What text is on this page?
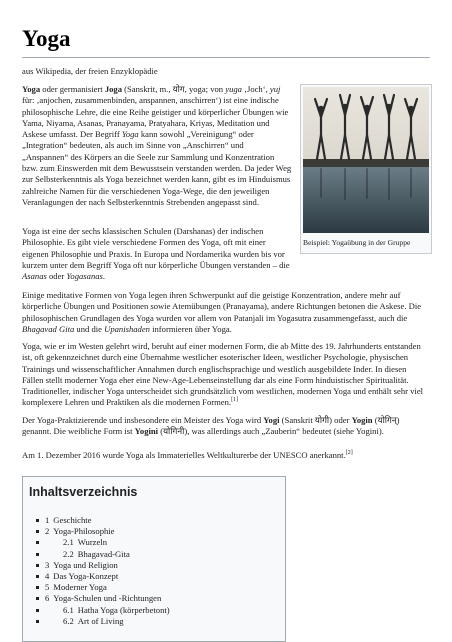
Yoga
aus Wikipedia, der freien Enzyklopädie

Yoga oder germanisiert Joga (Sanskrit, m., योग, yoga; von yuga ‚Joch‘, yuj für: ‚anjochen, zusammenbinden, anspannen, anschirren‘) ist eine indische philosophische Lehre, die eine Reihe geistiger und körperlicher Übungen wie Yama, Niyama, Asanas, Pranayama, Pratyahara, Kriyas, Meditation und Askese umfasst. Der Begriff Yoga kann sowohl „Vereinigung“ oder „Integration“ bedeuten, als auch im Sinne von „Anschirren“ und „Anspannen“ des Körpers an die Seele zur Sammlung und Konzentration bzw. zum Einswerden mit dem Bewusstsein verstanden werden. Da jeder Weg zur Selbsterkenntnis als Yoga bezeichnet werden kann, gibt es im Hinduismus zahlreiche Namen für die verschiedenen Yoga-Wege, die den jeweiligen Veranlagungen der nach Selbsterkenntnis Strebenden angepasst sind.

Yoga ist eine der sechs klassischen Schulen (Darshanas) der indischen Philosophie. Es gibt viele verschiedene Formen des Yoga, oft mit einer eigenen Philosophie und Praxis. In Europa und Nordamerika wurden bis vor kurzem unter dem Begriff Yoga oft nur körperliche Übungen verstanden – die Asanas oder Yogasanas.

Beispiel: Yogaübung in der Gruppe

Einige meditative Formen von Yoga legen ihren Schwerpunkt auf die geistige Konzentration, andere mehr auf körperliche Übungen und Positionen sowie Atemübungen (Pranayama), andere Richtungen betonen die Askese. Die philosophischen Grundlagen des Yoga wurden vor allem von Patanjali im Yogasutra zusammengefasst, auch die Bhagavad Gita und die Upanishaden informieren über Yoga.

Yoga, wie er im Westen gelehrt wird, beruht auf einer modernen Form, die ab Mitte des 19. Jahrhunderts entstanden ist, oft gekennzeichnet durch eine Übernahme westlicher esoterischer Ideen, westlicher Psychologie, physischen Trainings und wissenschaftlicher Annahmen durch englischsprachige und westlich ausgebildete Inder. In diesen Fällen stellt moderner Yoga eher eine New-Age-Lebenseinstellung dar als eine Form hinduistischer Spiritualität. Traditioneller, indischer Yoga unterscheidet sich grundsätzlich vom westlichen, modernen Yoga und enthält sehr viel komplexere Lehren und Praktiken als die modernen Formen.[1]

Der Yoga-Praktizierende und insbesondere ein Meister des Yoga wird Yogi (Sanskrit योगी) oder Yogin (योगिन्) genannt. Die weibliche Form ist Yogini (योगिनी), was allerdings auch „Zauberin“ bedeutet (siehe Yogini).

Am 1. Dezember 2016 wurde Yoga als Immaterielles Weltkulturerbe der UNESCO anerkannt.[2]

Inhaltsverzeichnis
1 Geschichte
2 Yoga-Philosophie
2.1 Wurzeln
2.2 Bhagavad-Gita
3 Yoga und Religion
4 Das Yoga-Konzept
5 Moderner Yoga
6 Yoga-Schulen und -Richtungen
6.1 Hatha Yoga (körperbetont)
6.2 Art of Living
